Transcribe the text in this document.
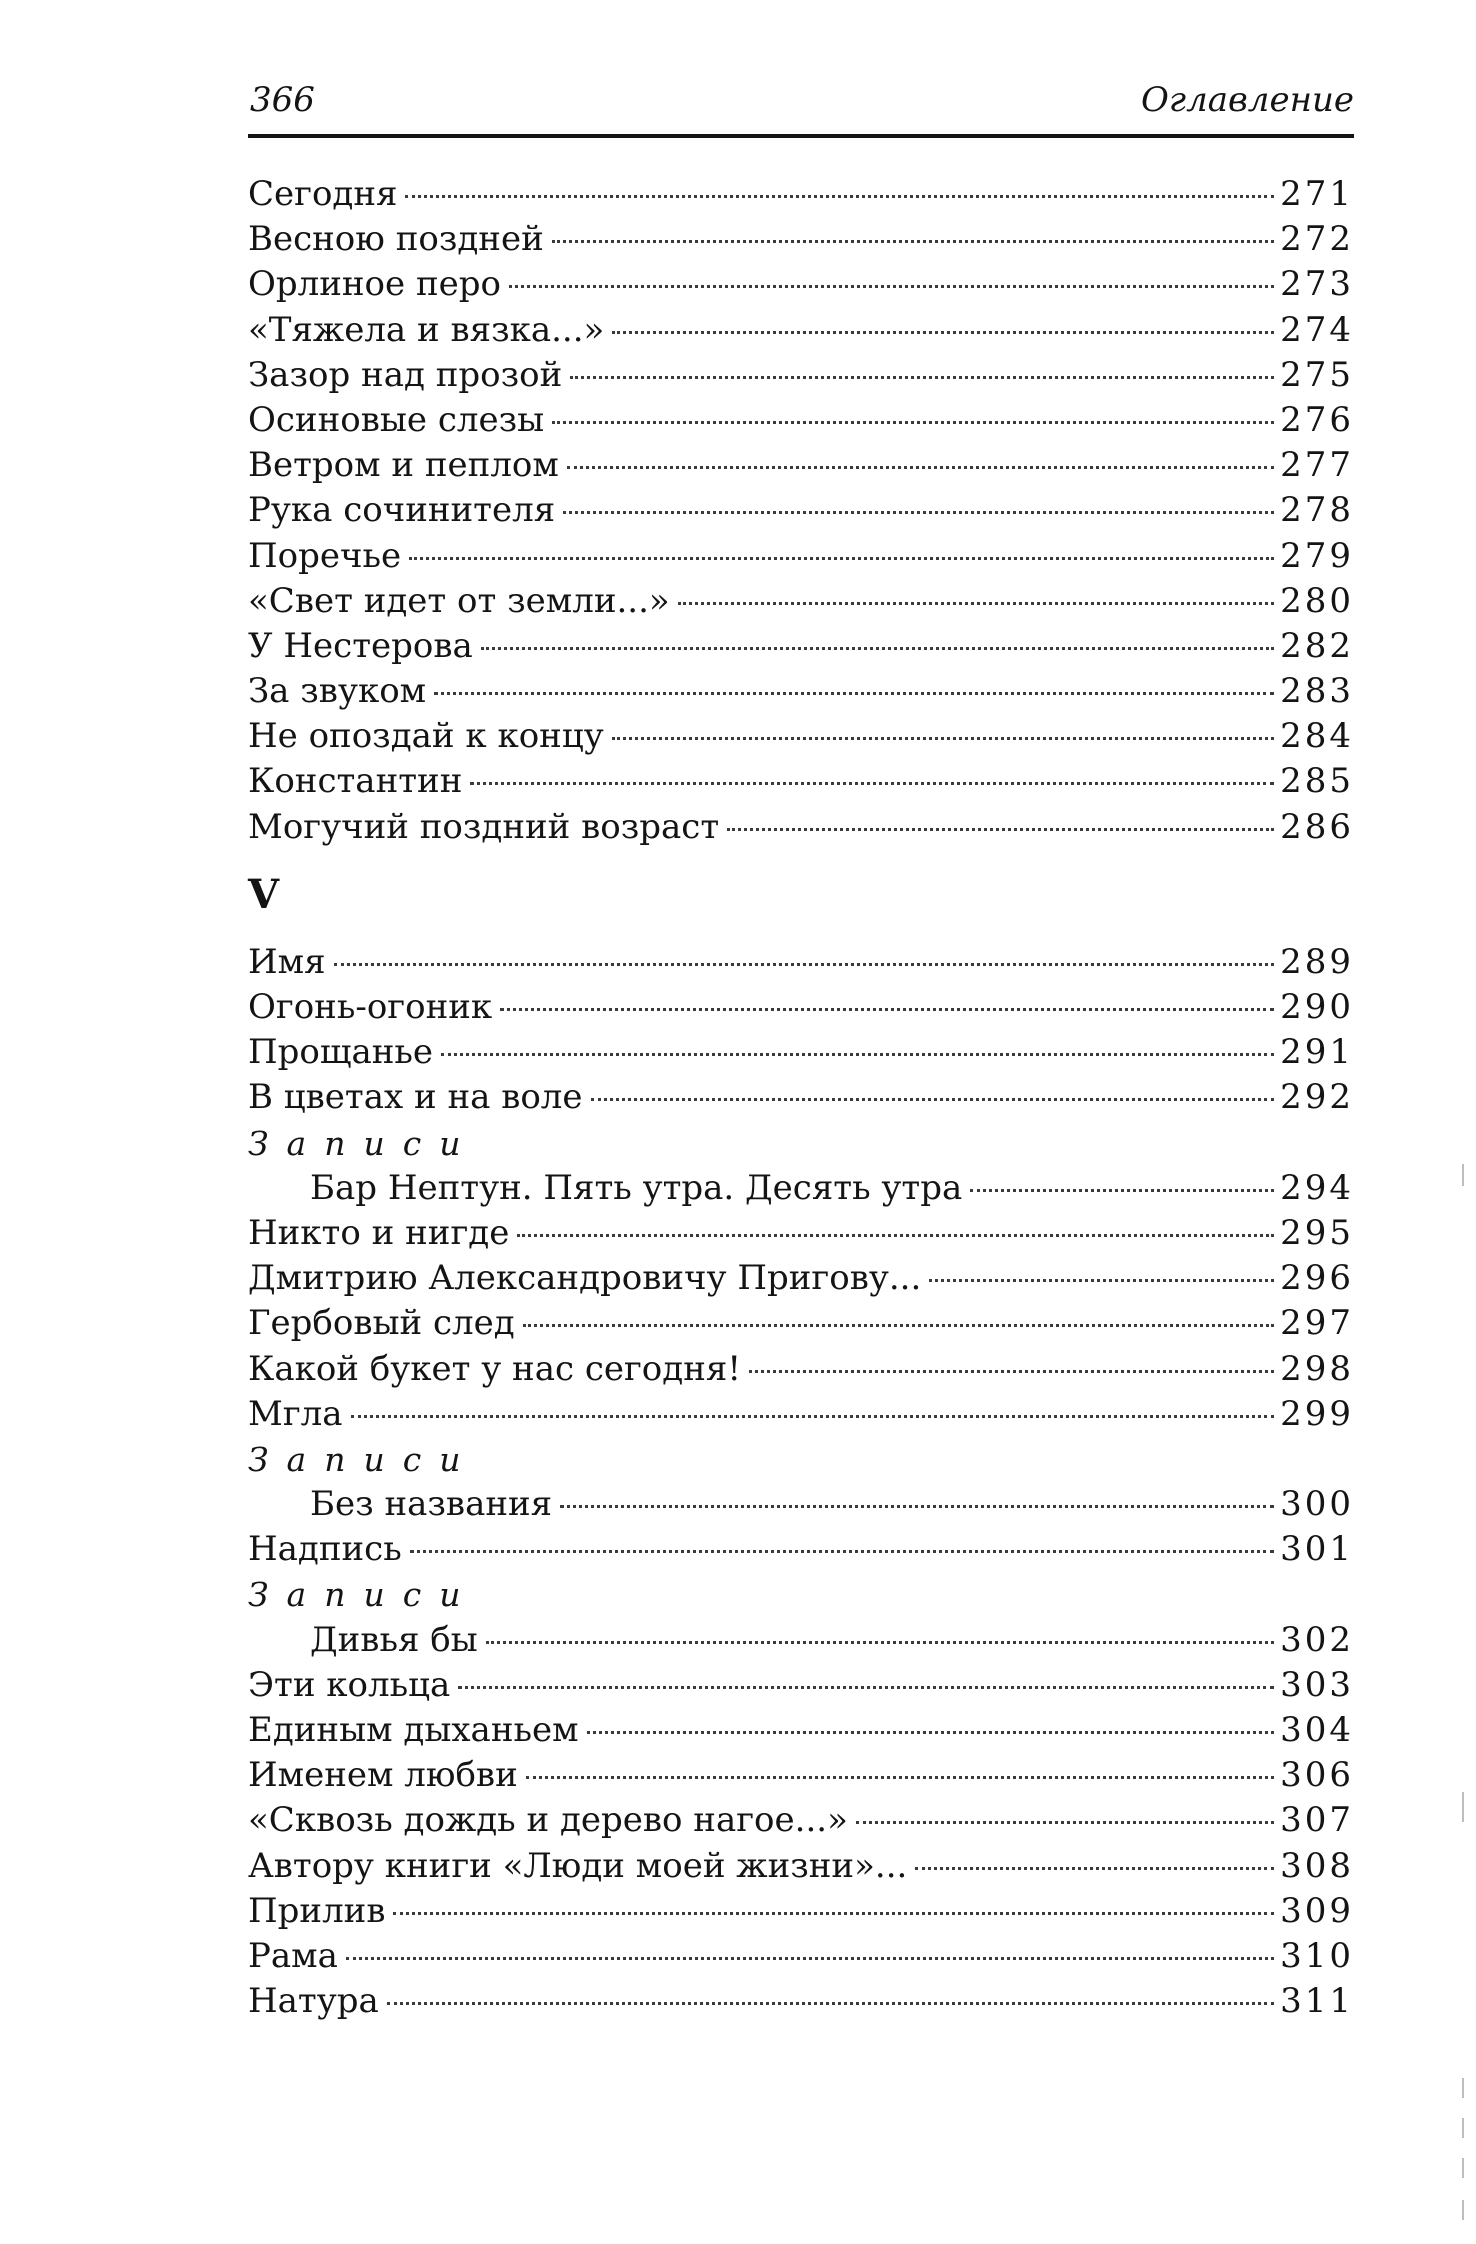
366	Оглавление
Сегодня	271
Весною поздней	272
Орлиное перо	273
«Тяжела и вязка...»	274
Зазор над прозой	275
Осиновые слезы	276
Ветром и пеплом	277
Рука сочинителя	278
Поречье	279
«Свет идет от земли...»	280
У Нестерова	282
За звуком	283
Не опоздай к концу	284
Константин	285
Могучий поздний возраст	286
V
Имя	289
Огонь-огоник	290
Прощанье	291
В цветах и на воле	292
Записи
Бар Нептун. Пять утра. Десять утра	294
Никто и нигде	295
Дмитрию Александровичу Пригову...	296
Гербовый след	297
Какой букет у нас сегодня!	298
Мгла	299
Записи
Без названия	300
Надпись	301
Записи
Дивья бы	302
Эти кольца	303
Единым дыханьем	304
Именем любви	306
«Сквозь дождь и дерево нагое...»	307
Автору книги «Люди моей жизни»...	308
Прилив	309
Рама	310
Натура	311
